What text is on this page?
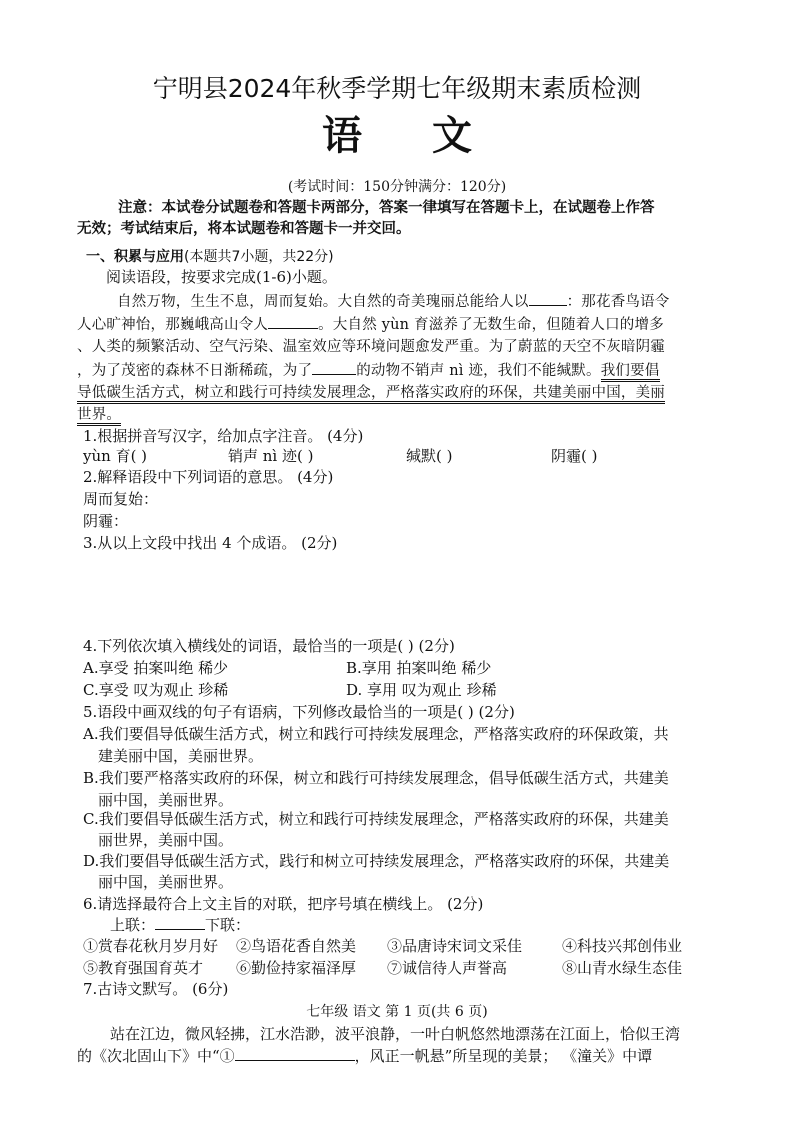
宁明县2024年秋季学期七年级期末素质检测
语 文
(考试时间：150分钟满分：120分)
注意：本试卷分试题卷和答题卡两部分，答案一律填写在答题卡上，在试题卷上作答
无效；考试结束后，将本试题卷和答题卡一并交回。
一、积累与应用(本题共7小题，共22分)
阅读语段，按要求完成(1-6)小题。
自然万物，生生不息，周而复始。大自然的奇美瑰丽总能给人以	：那花香鸟语令
人心旷神怡，那巍峨高山令人	。大自然 yùn 育滋养了无数生命，但随着人口的增多
、人类的频繁活动、空气污染、温室效应等环境问题愈发严重。为了蔚蓝的天空不灰暗阴霾
，为了茂密的森林不日渐稀疏，为了	的动物不销声 nì 迹，我们不能缄默。我们要倡
导低碳生活方式，树立和践行可持续发展理念，严格落实政府的环保，共建美丽中国，美丽
世界。
1.根据拼音写汉字，给加点字注音。 (4分)
yùn 育( )	销声 nì 迹( )	缄默( )	阴霾( )
2.解释语段中下列词语的意思。 (4分)
周而复始：
阴霾：
3.从以上文段中找出 4 个成语。 (2分)
4.下列依次填入横线处的词语，最恰当的一项是( ) (2分)
A.享受 拍案叫绝 稀少	B.享用 拍案叫绝 稀少
C.享受 叹为观止 珍稀	D. 享用 叹为观止 珍稀
5.语段中画双线的句子有语病，下列修改最恰当的一项是( ) (2分)
A.我们要倡导低碳生活方式，树立和践行可持续发展理念，严格落实政府的环保政策，共
建美丽中国，美丽世界。
B.我们要严格落实政府的环保，树立和践行可持续发展理念，倡导低碳生活方式，共建美
丽中国，美丽世界。
C.我们要倡导低碳生活方式，树立和践行可持续发展理念，严格落实政府的环保，共建美
丽世界，美丽中国。
D.我们要倡导低碳生活方式，践行和树立可持续发展理念，严格落实政府的环保，共建美
丽中国，美丽世界。
6.请选择最符合上文主旨的对联，把序号填在横线上。 (2分)
上联：	下联：
①赏春花秋月岁月好 ②鸟语花香自然美 ③品唐诗宋词文采佳	④科技兴邦创伟业
⑤教育强国育英才 ⑥勤俭持家福泽厚 ⑦诚信待人声誉高	⑧山青水绿生态佳
7.古诗文默写。 (6分)
七年级 语文 第 1 页(共 6 页)
站在江边，微风轻拂，江水浩渺，波平浪静，一叶白帆悠然地漂荡在江面上，恰似王湾
的《次北固山下》中“①	，风正一帆悬”所呈现的美景； 《潼关》中谭
